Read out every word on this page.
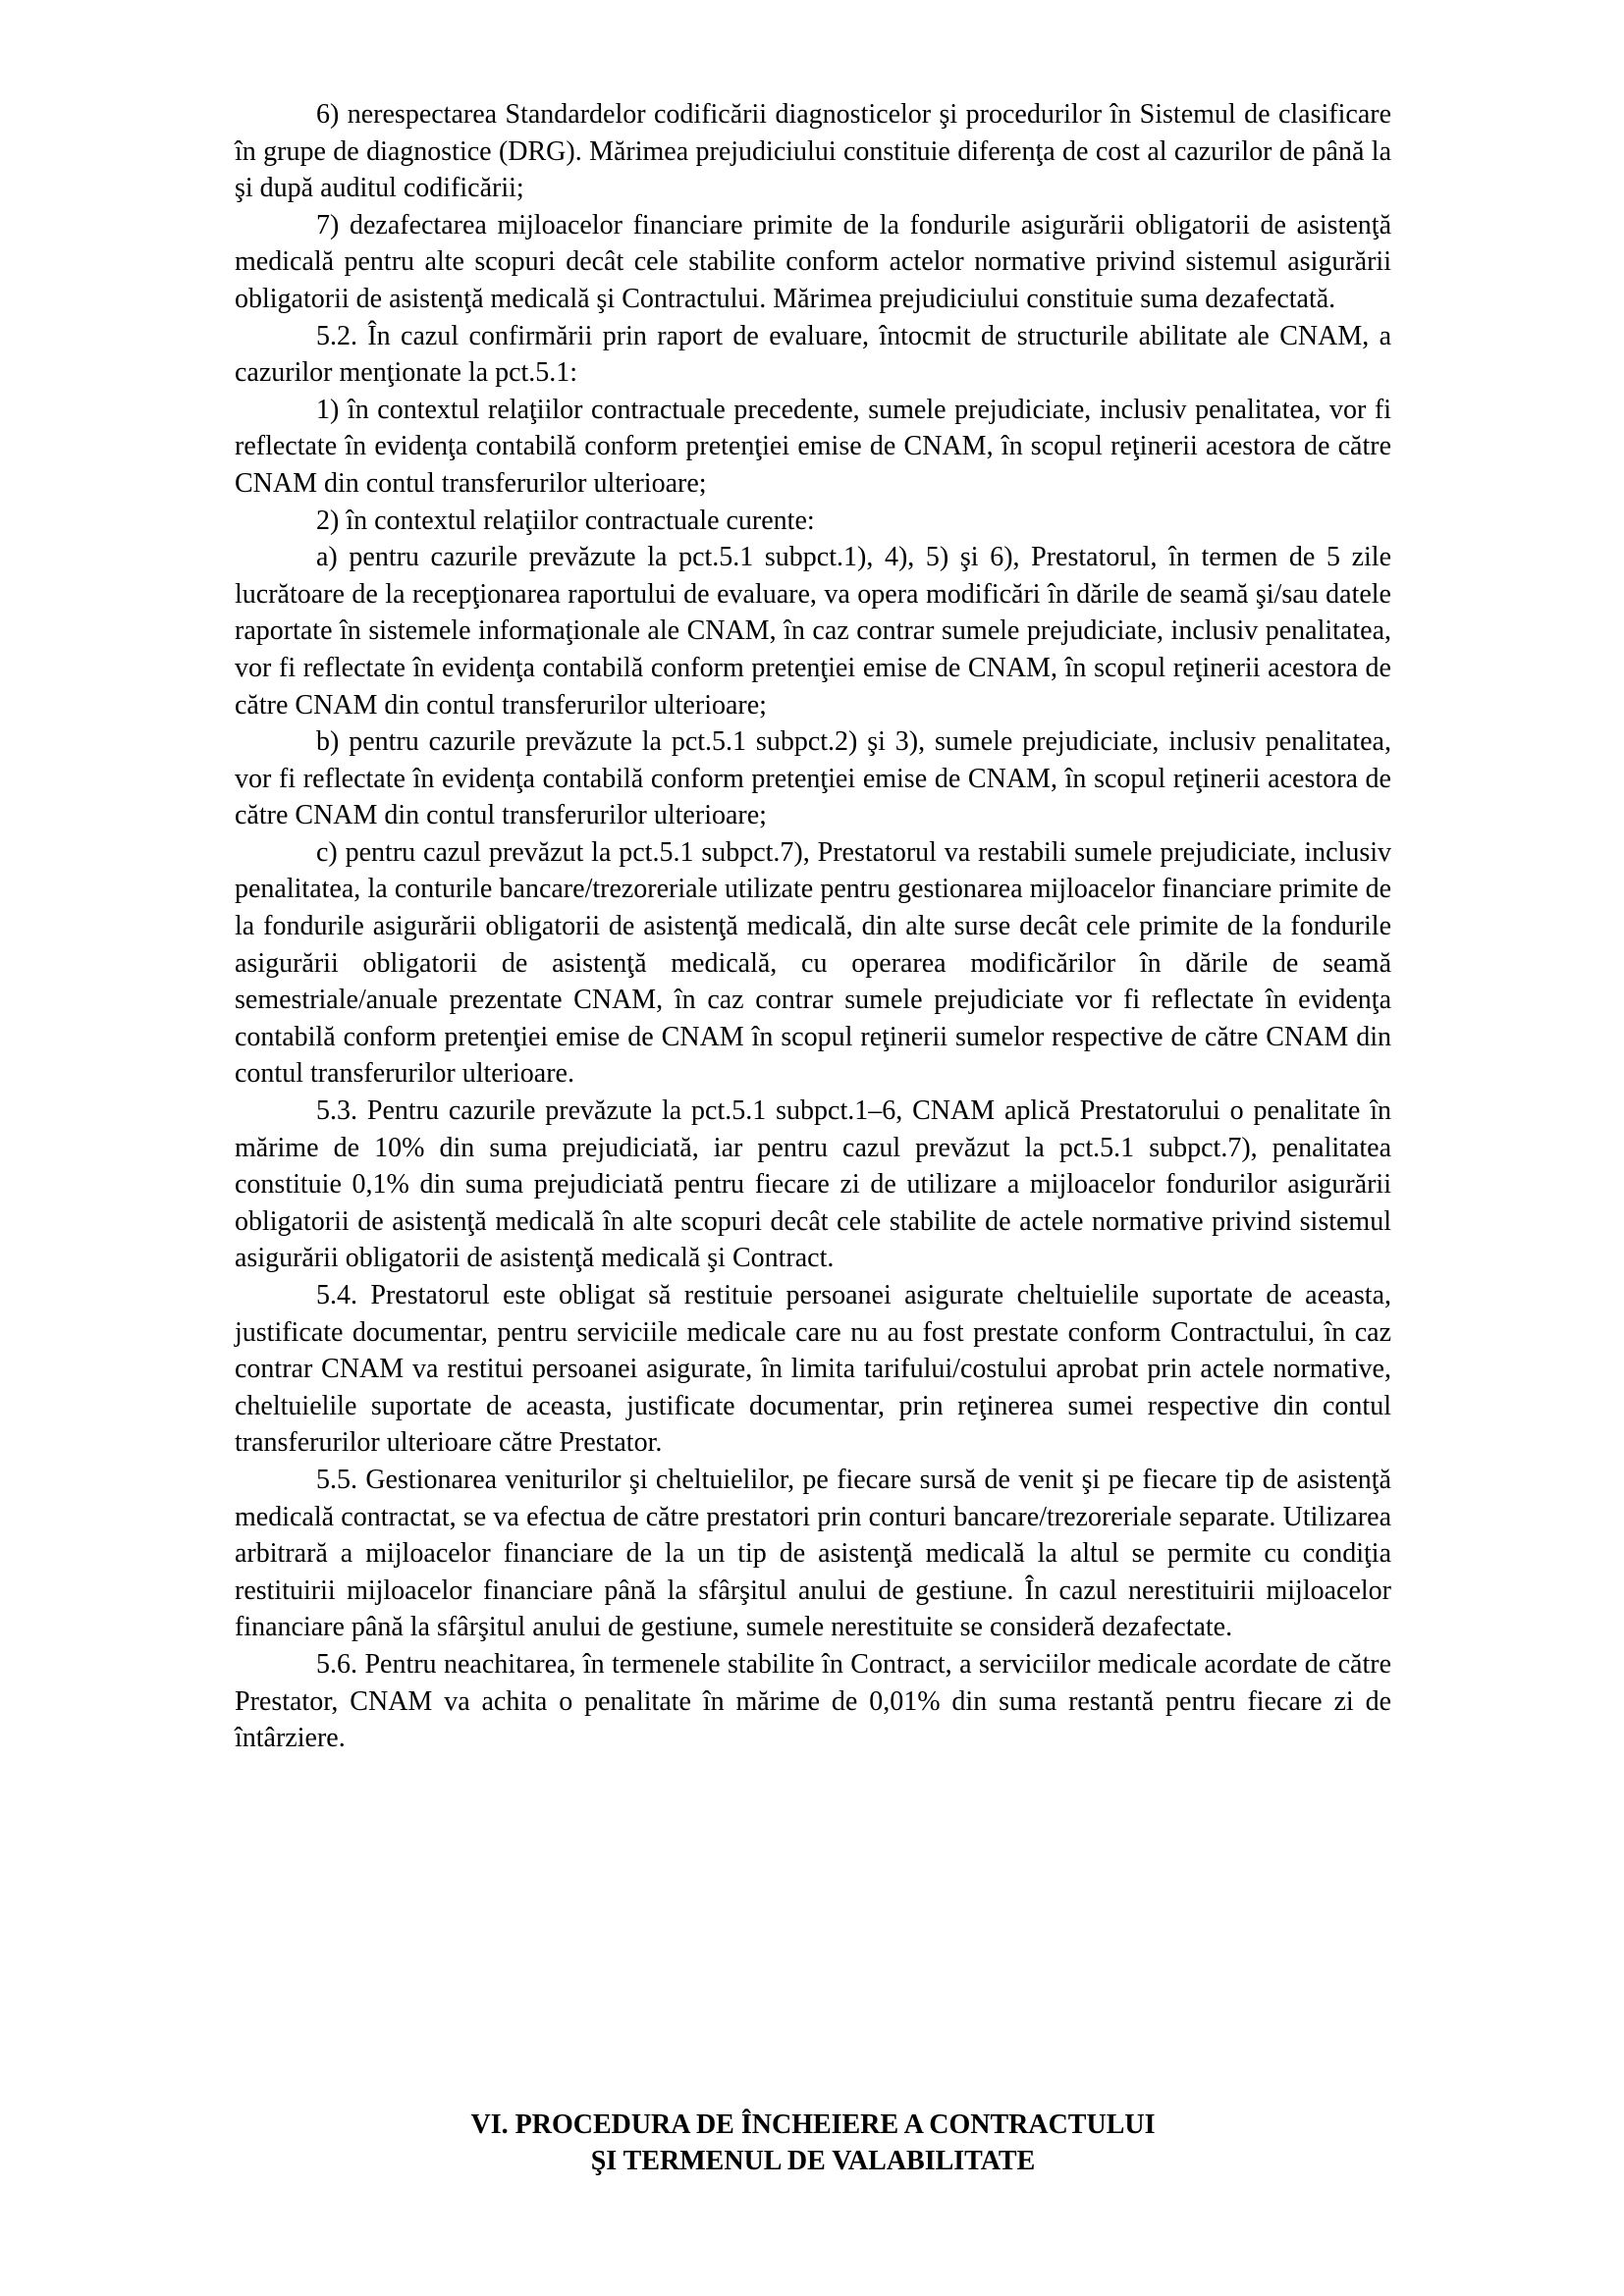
6) nerespectarea Standardelor codificării diagnosticelor şi procedurilor în Sistemul de clasificare în grupe de diagnostice (DRG). Mărimea prejudiciului constituie diferenţa de cost al cazurilor de până la şi după auditul codificării;

7) dezafectarea mijloacelor financiare primite de la fondurile asigurării obligatorii de asistenţă medicală pentru alte scopuri decât cele stabilite conform actelor normative privind sistemul asigurării obligatorii de asistenţă medicală şi Contractului. Mărimea prejudiciului constituie suma dezafectată.

5.2. În cazul confirmării prin raport de evaluare, întocmit de structurile abilitate ale CNAM, a cazurilor menţionate la pct.5.1:

1) în contextul relaţiilor contractuale precedente, sumele prejudiciate, inclusiv penalitatea, vor fi reflectate în evidenţa contabilă conform pretenţiei emise de CNAM, în scopul reţinerii acestora de către CNAM din contul transferurilor ulterioare;

2) în contextul relaţiilor contractuale curente:

a) pentru cazurile prevăzute la pct.5.1 subpct.1), 4), 5) şi 6), Prestatorul, în termen de 5 zile lucrătoare de la recepţionarea raportului de evaluare, va opera modificări în dările de seamă şi/sau datele raportate în sistemele informaţionale ale CNAM, în caz contrar sumele prejudiciate, inclusiv penalitatea, vor fi reflectate în evidenţa contabilă conform pretenţiei emise de CNAM, în scopul reţinerii acestora de către CNAM din contul transferurilor ulterioare;

b) pentru cazurile prevăzute la pct.5.1 subpct.2) şi 3), sumele prejudiciate, inclusiv penalitatea, vor fi reflectate în evidenţa contabilă conform pretenţiei emise de CNAM, în scopul reţinerii acestora de către CNAM din contul transferurilor ulterioare;

c) pentru cazul prevăzut la pct.5.1 subpct.7), Prestatorul va restabili sumele prejudiciate, inclusiv penalitatea, la conturile bancare/trezoreriale utilizate pentru gestionarea mijloacelor financiare primite de la fondurile asigurării obligatorii de asistenţă medicală, din alte surse decât cele primite de la fondurile asigurării obligatorii de asistenţă medicală, cu operarea modificărilor în dările de seamă semestriale/anuale prezentate CNAM, în caz contrar sumele prejudiciate vor fi reflectate în evidenţa contabilă conform pretenţiei emise de CNAM în scopul reţinerii sumelor respective de către CNAM din contul transferurilor ulterioare.

5.3. Pentru cazurile prevăzute la pct.5.1 subpct.1–6, CNAM aplică Prestatorului o penalitate în mărime de 10% din suma prejudiciată, iar pentru cazul prevăzut la pct.5.1 subpct.7), penalitatea constituie 0,1% din suma prejudiciată pentru fiecare zi de utilizare a mijloacelor fondurilor asigurării obligatorii de asistenţă medicală în alte scopuri decât cele stabilite de actele normative privind sistemul asigurării obligatorii de asistenţă medicală şi Contract.

5.4. Prestatorul este obligat să restituie persoanei asigurate cheltuielile suportate de aceasta, justificate documentar, pentru serviciile medicale care nu au fost prestate conform Contractului, în caz contrar CNAM va restitui persoanei asigurate, în limita tarifului/costului aprobat prin actele normative, cheltuielile suportate de aceasta, justificate documentar, prin reţinerea sumei respective din contul transferurilor ulterioare către Prestator.

5.5. Gestionarea veniturilor şi cheltuielilor, pe fiecare sursă de venit şi pe fiecare tip de asistenţă medicală contractat, se va efectua de către prestatori prin conturi bancare/trezoreriale separate. Utilizarea arbitrară a mijloacelor financiare de la un tip de asistenţă medicală la altul se permite cu condiţia restituirii mijloacelor financiare până la sfârşitul anului de gestiune. În cazul nerestituirii mijloacelor financiare până la sfârşitul anului de gestiune, sumele nerestituite se consideră dezafectate.

5.6. Pentru neachitarea, în termenele stabilite în Contract, a serviciilor medicale acordate de către Prestator, CNAM va achita o penalitate în mărime de 0,01% din suma restantă pentru fiecare zi de întârziere.

VI. PROCEDURA DE ÎNCHEIERE A CONTRACTULUI
ŞI TERMENUL DE VALABILITATE
